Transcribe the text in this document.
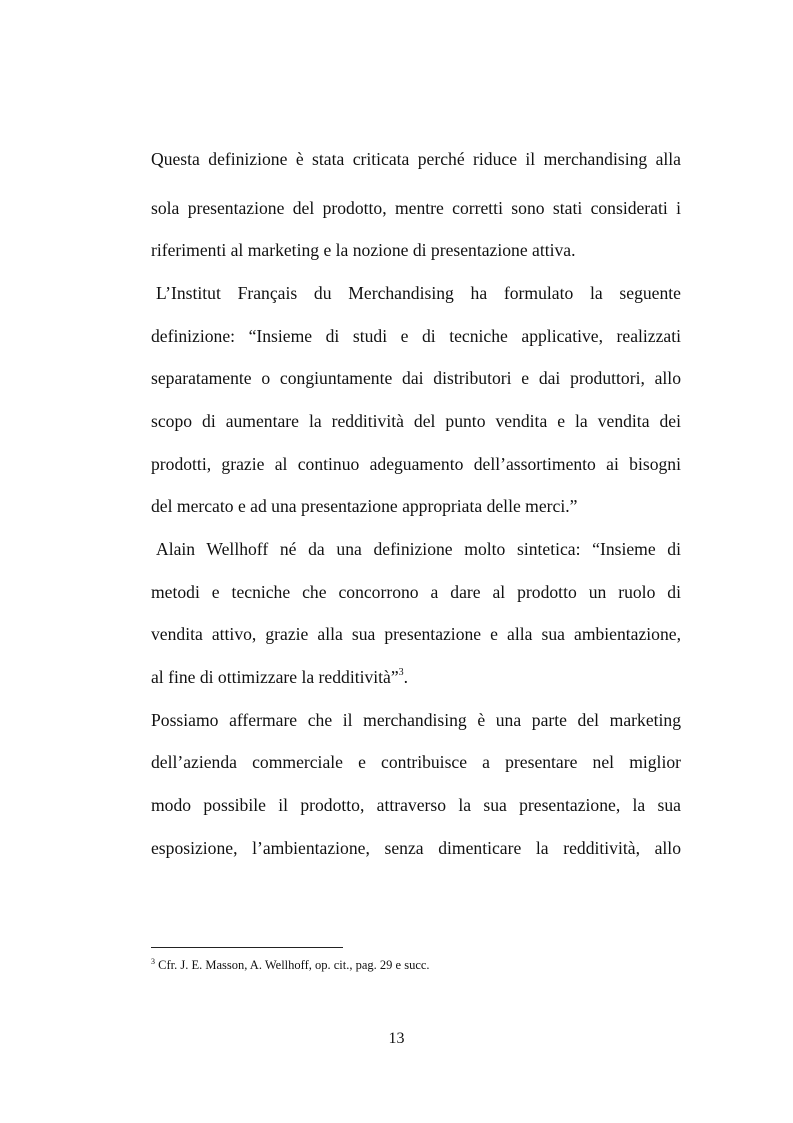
Questa definizione è stata criticata perché riduce il merchandising alla
sola presentazione del prodotto, mentre corretti sono stati considerati i
riferimenti al marketing e la nozione di presentazione attiva.
L’Institut Français du Merchandising ha formulato la seguente
definizione: “Insieme di studi e di tecniche applicative, realizzati
separatamente o congiuntamente dai distributori e dai produttori, allo
scopo di aumentare la redditività del punto vendita e la vendita dei
prodotti, grazie al continuo adeguamento dell’assortimento ai bisogni
del mercato e ad una presentazione appropriata delle merci.”
Alain Wellhoff né da una definizione molto sintetica: “Insieme di
metodi e tecniche che concorrono a dare al prodotto un ruolo di
vendita attivo, grazie alla sua presentazione e alla sua ambientazione,
al fine di ottimizzare la redditività”$^3$.
Possiamo affermare che il merchandising è una parte del marketing
dell’azienda commerciale e contribuisce a presentare nel miglior
modo possibile il prodotto, attraverso la sua presentazione, la sua
esposizione, l’ambientazione, senza dimenticare la redditività, allo
$^3$ Cfr. J. E. Masson, A. Wellhoff, op. cit., pag. 29 e succ.
13
